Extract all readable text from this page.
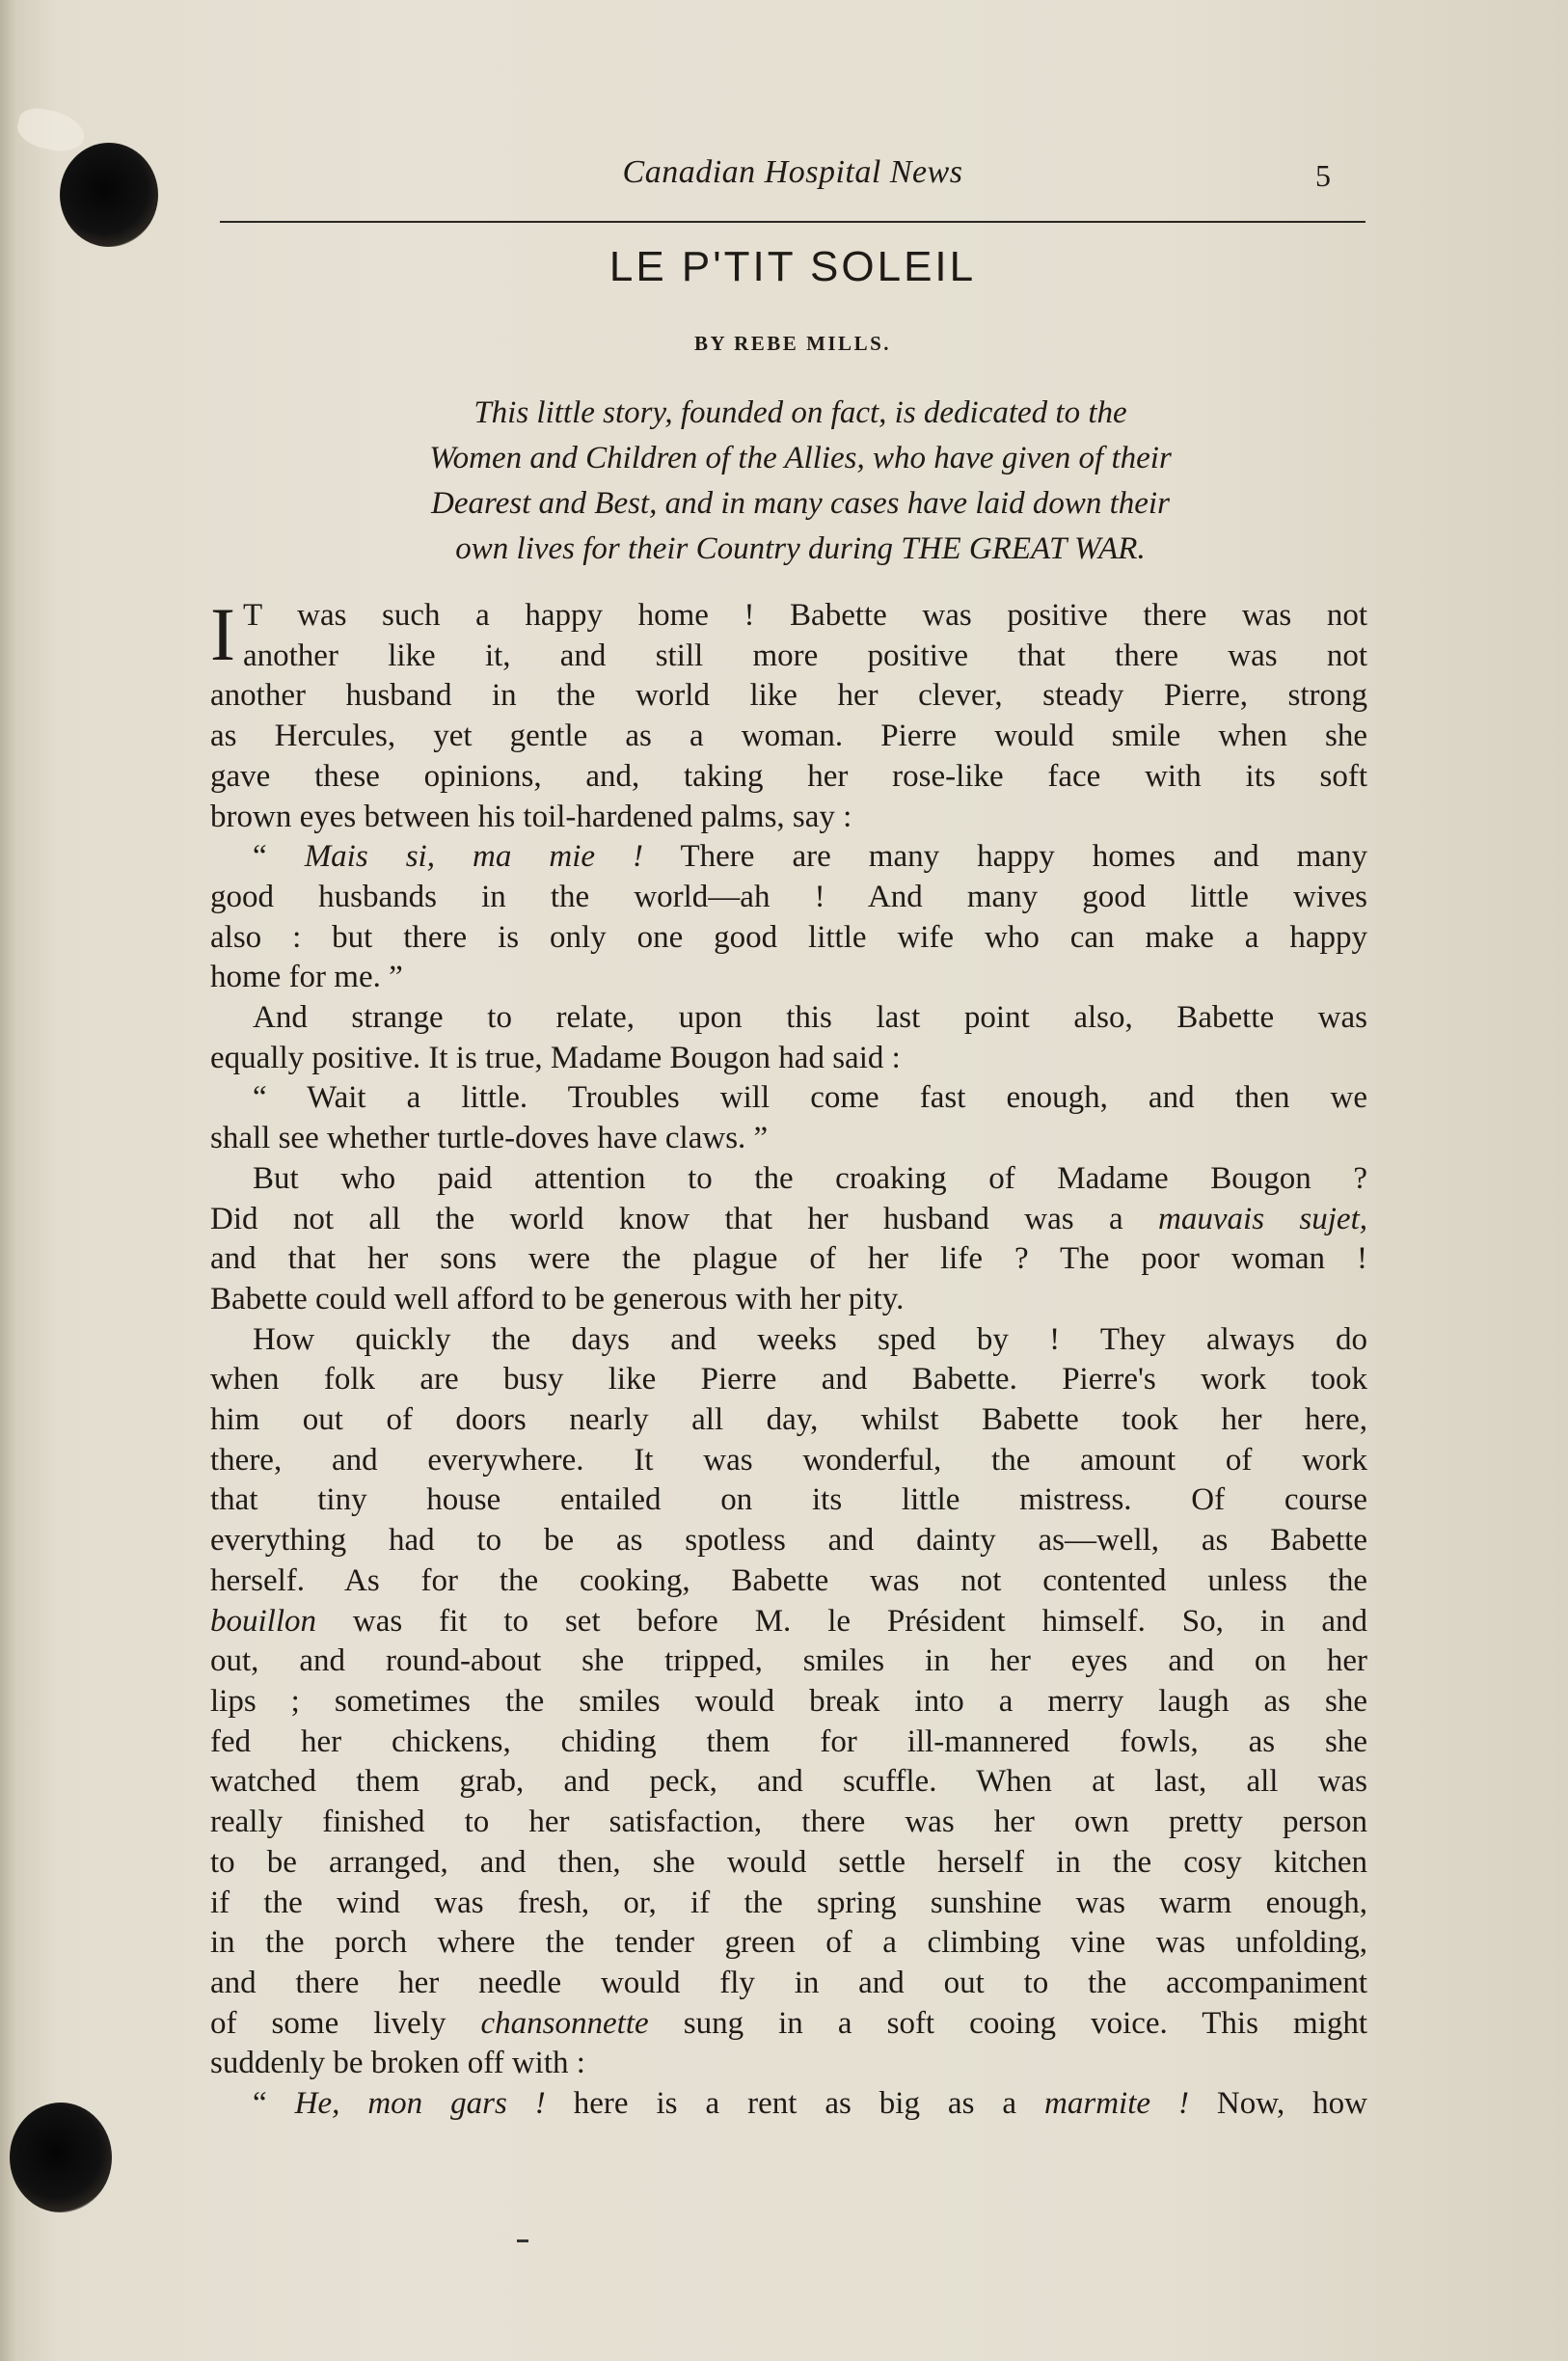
Canadian Hospital News	5
LE P'TIT SOLEIL
BY REBE MILLS.
This little story, founded on fact, is dedicated to the
Women and Children of the Allies, who have given of their
Dearest and Best, and in many cases have laid down their
own lives for their Country during THE GREAT WAR.
I T was such a happy home ! Babette was positive there was not
another like it, and still more positive that there was not
another husband in the world like her clever, steady Pierre, strong
as Hercules, yet gentle as a woman. Pierre would smile when she
gave these opinions, and, taking her rose-like face with its soft
brown eyes between his toil-hardened palms, say :
“ Mais si, ma mie ! There are many happy homes and many
good husbands in the world—ah ! And many good little wives
also : but there is only one good little wife who can make a happy
home for me. ”
And strange to relate, upon this last point also, Babette was
equally positive. It is true, Madame Bougon had said :
“ Wait a little. Troubles will come fast enough, and then we
shall see whether turtle-doves have claws. ”
But who paid attention to the croaking of Madame Bougon ?
Did not all the world know that her husband was a mauvais sujet,
and that her sons were the plague of her life ? The poor woman !
Babette could well afford to be generous with her pity.
How quickly the days and weeks sped by ! They always do
when folk are busy like Pierre and Babette. Pierre's work took
him out of doors nearly all day, whilst Babette took her here,
there, and everywhere. It was wonderful, the amount of work
that tiny house entailed on its little mistress. Of course
everything had to be as spotless and dainty as—well, as Babette
herself. As for the cooking, Babette was not contented unless the
bouillon was fit to set before M. le Président himself. So, in and
out, and round-about she tripped, smiles in her eyes and on her
lips ; sometimes the smiles would break into a merry laugh as she
fed her chickens, chiding them for ill-mannered fowls, as she
watched them grab, and peck, and scuffle. When at last, all was
really finished to her satisfaction, there was her own pretty person
to be arranged, and then, she would settle herself in the cosy kitchen
if the wind was fresh, or, if the spring sunshine was warm enough,
in the porch where the tender green of a climbing vine was unfolding,
and there her needle would fly in and out to the accompaniment
of some lively chansonnette sung in a soft cooing voice. This might
suddenly be broken off with :
“ He, mon gars ! here is a rent as big as a marmite ! Now, how
